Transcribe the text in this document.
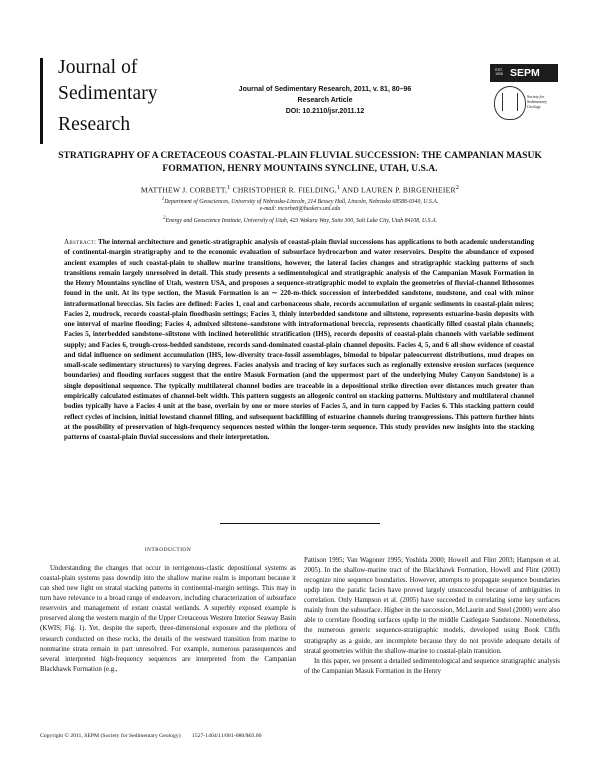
Journal of
Sedimentary
Research
Journal of Sedimentary Research, 2011, v. 81, 80–96
Research Article
DOI: 10.2110/jsr.2011.12
EST. 1926 SEPM
Society for Sedimentary Geology
STRATIGRAPHY OF A CRETACEOUS COASTAL-PLAIN FLUVIAL SUCCESSION: THE CAMPANIAN MASUK FORMATION, HENRY MOUNTAINS SYNCLINE, UTAH, U.S.A.
MATTHEW J. CORBETT,$^1$ CHRISTOPHER R. FIELDING,$^1$ AND LAUREN P. BIRGENHEIER$^2$
$^1$Department of Geosciences, University of Nebraska-Lincoln, 214 Bessey Hall, Lincoln, Nebraska 68588-0340, U.S.A.
e-mail: mcorbett@huskers.unl.edu
$^2$Energy and Geoscience Institute, University of Utah, 423 Wakara Way, Suite 300, Salt Lake City, Utah 84108, U.S.A.
Abstract: The internal architecture and genetic-stratigraphic analysis of coastal-plain fluvial successions has applications to both academic understanding of continental-margin stratigraphy and to the economic evaluation of subsurface hydrocarbon and water reservoirs. Despite the abundance of exposed ancient examples of such coastal-plain to shallow marine transitions, however, the lateral facies changes and stratigraphic stacking patterns of such transitions remain largely unresolved in detail. This study presents a sedimentological and stratigraphic analysis of the Campanian Masuk Formation in the Henry Mountains syncline of Utah, western USA, and proposes a sequence-stratigraphic model to explain the geometries of fluvial-channel lithosomes found in the unit. At its type section, the Masuk Formation is an ∼ 220-m-thick succession of interbedded sandstone, mudstone, and coal with minor intraformational breccias. Six facies are defined: Facies 1, coal and carbonaceous shale, records accumulation of organic sediments in coastal-plain mires; Facies 2, mudrock, records coastal-plain floodbasin settings; Facies 3, thinly interbedded sandstone and siltstone, represents estuarine-basin deposits with one interval of marine flooding; Facies 4, admixed siltstone–sandstone with intraformational breccia, represents chaotically filled coastal plain channels; Facies 5, interbedded sandstone–siltstone with inclined heterolithic stratification (IHS), records deposits of coastal-plain channels with variable sediment supply; and Facies 6, trough-cross-bedded sandstone, records sand-dominated coastal-plain channel deposits. Facies 4, 5, and 6 all show evidence of coastal and tidal influence on sediment accumulation (IHS, low-diversity trace-fossil assemblages, bimodal to bipolar paleocurrent distributions, mud drapes on small-scale sedimentary structures) to varying degrees. Facies analysis and tracing of key surfaces such as regionally extensive erosion surfaces (sequence boundaries) and flooding surfaces suggest that the entire Masuk Formation (and the uppermost part of the underlying Muley Canyon Sandstone) is a single depositional sequence. The typically multilateral channel bodies are traceable in a depositional strike direction over distances much greater than empirically calculated estimates of channel-belt width. This pattern suggests an allogenic control on stacking patterns. Multistory and multilateral channel bodies typically have a Facies 4 unit at the base, overlain by one or more stories of Facies 5, and in turn capped by Facies 6. This stacking pattern could reflect cycles of incision, initial lowstand channel filling, and subsequent backfilling of estuarine channels during transgressions. This pattern further hints at the possibility of preservation of high-frequency sequences nested within the longer-term sequence. This study provides new insights into the stacking patterns of coastal-plain fluvial successions and their interpretation.
INTRODUCTION

Understanding the changes that occur in terrigenous-clastic depositional systems as coastal-plain systems pass downdip into the shallow marine realm is important because it can shed new light on stratal stacking patterns in continental-margin settings. This may in turn have relevance to a broad range of endeavors, including characterization of subsurface reservoirs and management of extant coastal wetlands. A superbly exposed example is preserved along the western margin of the Upper Cretaceous Western Interior Seaway Basin (KWIS; Fig. 1). Yet, despite the superb, three-dimensional exposure and the plethora of research conducted on these rocks, the details of the westward transition from marine to nonmarine strata remain in part unresolved. For example, numerous parasequences and several interpreted high-frequency sequences are interpreted from the Campanian Blackhawk Formation (e.g.,

Pattison 1995; Van Wagoner 1995; Yoshida 2000; Howell and Flint 2003; Hampson et al. 2005). In the shallow-marine tract of the Blackhawk Formation, Howell and Flint (2003) recognize nine sequence boundaries. However, attempts to propagate sequence boundaries updip into the paralic facies have proved largely unsuccessful because of ambiguities in correlation. Only Hampson et al. (2005) have succeeded in correlating some key surfaces mainly from the subsurface. Higher in the succession, McLaurin and Steel (2000) were also able to correlate flooding surfaces updip in the middle Castlegate Sandstone. Nonetheless, the numerous generic sequence-stratigraphic models, developed using Book Cliffs stratigraphy as a guide, are incomplete because they do not provide adequate details of stratal geometries within the shallow-marine to coastal-plain transition.

In this paper, we present a detailed sedimentological and sequence stratigraphic analysis of the Campanian Masuk Formation in the Henry

Copyright © 2011, SEPM (Society for Sedimentary Geology) 1527-1404/11/081-080/$03.00
